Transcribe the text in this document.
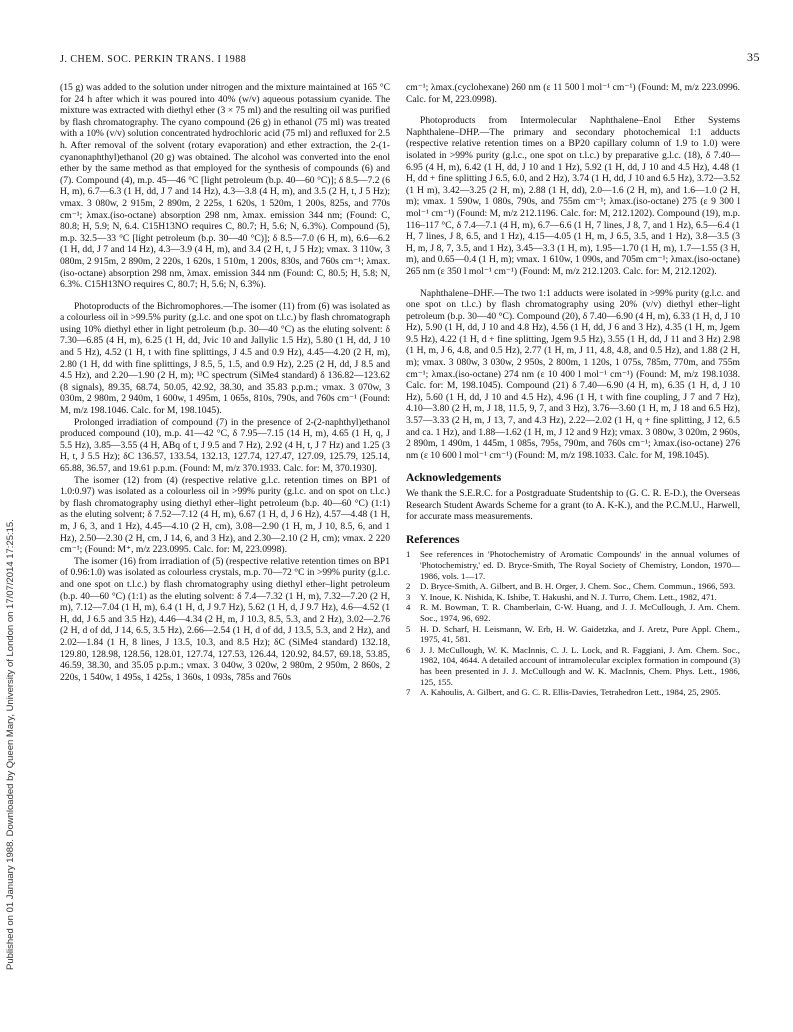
Published on 01 January 1988. Downloaded by Queen Mary, University of London on 17/07/2014 17:25:15.
J. CHEM. SOC. PERKIN TRANS. I 1988	35

(15 g) was added to the solution under nitrogen and the mixture maintained at 165 °C for 24 h after which it was poured into 40% (w/v) aqueous potassium cyanide. The mixture was extracted with diethyl ether (3 × 75 ml) and the resulting oil was purified by flash chromatography. The cyano compound (26 g) in ethanol (75 ml) was treated with a 10% (v/v) solution concentrated hydrochloric acid (75 ml) and refluxed for 2.5 h. After removal of the solvent (rotary evaporation) and ether extraction, the 2-(1-cyanonaphthyl)ethanol (20 g) was obtained. The alcohol was converted into the enol ether by the same method as that employed for the synthesis of compounds (6) and (7). Compound (4), m.p. 45—46 °C [light petroleum (b.p. 40—60 °C)]; δ 8.5—7.2 (6 H, m), 6.7—6.3 (1 H, dd, J 7 and 14 Hz), 4.3—3.8 (4 H, m), and 3.5 (2 H, t, J 5 Hz); νmax. 3 080w, 2 915m, 2 890m, 2 225s, 1 620s, 1 520m, 1 200s, 825s, and 770s cm⁻¹; λmax.(iso-octane) absorption 298 nm, λmax. emission 344 nm; (Found: C, 80.8; H, 5.9; N, 6.4. C15H13NO requires C, 80.7; H, 5.6; N, 6.3%). Compound (5), m.p. 32.5—33 °C [light petroleum (b.p. 30—40 °C)]; δ 8.5—7.0 (6 H, m), 6.6—6.2 (1 H, dd, J 7 and 14 Hz), 4.3—3.9 (4 H, m), and 3.4 (2 H, t, J 5 Hz); νmax. 3 110w, 3 080m, 2 915m, 2 890m, 2 220s, 1 620s, 1 510m, 1 200s, 830s, and 760s cm⁻¹; λmax.(iso-octane) absorption 298 nm, λmax. emission 344 nm (Found: C, 80.5; H, 5.8; N, 6.3%. C15H13NO requires C, 80.7; H, 5.6; N, 6.3%).

Photoproducts of the Bichromophores.—The isomer (11) from (6) was isolated as a colourless oil in >99.5% purity (g.l.c. and one spot on t.l.c.) by flash chromatograph using 10% diethyl ether in light petroleum (b.p. 30—40 °C) as the eluting solvent: δ 7.30—6.85 (4 H, m), 6.25 (1 H, dd, Jvic 10 and Jallylic 1.5 Hz), 5.80 (1 H, dd, J 10 and 5 Hz), 4.52 (1 H, t with fine splittings, J 4.5 and 0.9 Hz), 4.45—4.20 (2 H, m), 2.80 (1 H, dd with fine splittings, J 8.5, 5, 1.5, and 0.9 Hz), 2.25 (2 H, dd, J 8.5 and 4.5 Hz), and 2.20—1.90 (2 H, m); ¹³C spectrum (SiMe4 standard) δ 136.82—123.62 (8 signals), 89.35, 68.74, 50.05, 42.92, 38.30, and 35.83 p.p.m.; νmax. 3 070w, 3 030m, 2 980m, 2 940m, 1 600w, 1 495m, 1 065s, 810s, 790s, and 760s cm⁻¹ (Found: M, m/z 198.1046. Calc. for M, 198.1045).

Prolonged irradiation of compound (7) in the presence of 2-(2-naphthyl)ethanol produced compound (10), m.p. 41—42 °C, δ 7.95—7.15 (14 H, m), 4.65 (1 H, q, J 5.5 Hz), 3.85—3.55 (4 H, ABq of t, J 9.5 and 7 Hz), 2.92 (4 H, t, J 7 Hz) and 1.25 (3 H, t, J 5.5 Hz); δC 136.57, 133.54, 132.13, 127.74, 127.47, 127.09, 125.79, 125.14, 65.88, 36.57, and 19.61 p.p.m. (Found: M, m/z 370.1933. Calc. for: M, 370.1930].

The isomer (12) from (4) (respective relative g.l.c. retention times on BP1 of 1.0:0.97) was isolated as a colourless oil in >99% purity (g.l.c. and on spot on t.l.c.) by flash chromatography using diethyl ether–light petroleum (b.p. 40—60 °C) (1:1) as the eluting solvent; δ 7.52—7.12 (4 H, m), 6.67 (1 H, d, J 6 Hz), 4.57—4.48 (1 H, m, J 6, 3, and 1 Hz), 4.45—4.10 (2 H, cm), 3.08—2.90 (1 H, m, J 10, 8.5, 6, and 1 Hz), 2.50—2.30 (2 H, cm, J 14, 6, and 3 Hz), and 2.30—2.10 (2 H, cm); νmax. 2 220 cm⁻¹; (Found: M⁺, m/z 223.0995. Calc. for: M, 223.0998).

The isomer (16) from irradiation of (5) (respective relative retention times on BP1 of 0.96:1.0) was isolated as colourless crystals, m.p. 70—72 °C in >99% purity (g.l.c. and one spot on t.l.c.) by flash chromatography using diethyl ether–light petroleum (b.p. 40—60 °C) (1:1) as the eluting solvent: δ 7.4—7.32 (1 H, m), 7.32—7.20 (2 H, m), 7.12—7.04 (1 H, m), 6.4 (1 H, d, J 9.7 Hz), 5.62 (1 H, d, J 9.7 Hz), 4.6—4.52 (1 H, dd, J 6.5 and 3.5 Hz), 4.46—4.34 (2 H, m, J 10.3, 8.5, 5.3, and 2 Hz), 3.02—2.76 (2 H, d of dd, J 14, 6.5, 3.5 Hz), 2.66—2.54 (1 H, d of dd, J 13.5, 5.3, and 2 Hz), and 2.02—1.84 (1 H, 8 lines, J 13.5, 10.3, and 8.5 Hz); δC (SiMe4 standard) 132.18, 129.80, 128.98, 128.56, 128.01, 127.74, 127.53, 126.44, 120.92, 84.57, 69.18, 53.85, 46.59, 38.30, and 35.05 p.p.m.; νmax. 3 040w, 3 020w, 2 980m, 2 950m, 2 860s, 2 220s, 1 540w, 1 495s, 1 425s, 1 360s, 1 093s, 785s and 760s

cm⁻¹; λmax.(cyclohexane) 260 nm (ε 11 500 l mol⁻¹ cm⁻¹) (Found: M, m/z 223.0996. Calc. for M, 223.0998).

Photoproducts from Intermolecular Naphthalene–Enol Ether Systems Naphthalene–DHP.—The primary and secondary photochemical 1:1 adducts (respective relative retention times on a BP20 capillary column of 1.9 to 1.0) were isolated in >99% purity (g.l.c., one spot on t.l.c.) by preparative g.l.c. (18), δ 7.40—6.95 (4 H, m), 6.42 (1 H, dd, J 10 and 1 Hz), 5.92 (1 H, dd, J 10 and 4.5 Hz), 4.48 (1 H, dd + fine splitting J 6.5, 6.0, and 2 Hz), 3.74 (1 H, dd, J 10 and 6.5 Hz), 3.72—3.52 (1 H m), 3.42—3.25 (2 H, m), 2.88 (1 H, dd), 2.0—1.6 (2 H, m), and 1.6—1.0 (2 H, m); νmax. 1 590w, 1 080s, 790s, and 755m cm⁻¹; λmax.(iso-octane) 275 (ε 9 300 l mol⁻¹ cm⁻¹) (Found: M, m/z 212.1196. Calc. for: M, 212.1202). Compound (19), m.p. 116–117 °C, δ 7.4—7.1 (4 H, m), 6.7—6.6 (1 H, 7 lines, J 8, 7, and 1 Hz), 6.5—6.4 (1 H, 7 lines, J 8, 6.5, and 1 Hz), 4.15—4.05 (1 H, m, J 6.5, 3.5, and 1 Hz), 3.8—3.5 (3 H, m, J 8, 7, 3.5, and 1 Hz), 3.45—3.3 (1 H, m), 1.95—1.70 (1 H, m), 1.7—1.55 (3 H, m), and 0.65—0.4 (1 H, m); νmax. 1 610w, 1 090s, and 705m cm⁻¹; λmax.(iso-octane) 265 nm (ε 350 l mol⁻¹ cm⁻¹) (Found: M, m/z 212.1203. Calc. for: M, 212.1202).

Naphthalene–DHF.—The two 1:1 adducts were isolated in >99% purity (g.l.c. and one spot on t.l.c.) by flash chromatography using 20% (v/v) diethyl ether–light petroleum (b.p. 30—40 °C). Compound (20), δ 7.40—6.90 (4 H, m), 6.33 (1 H, d, J 10 Hz), 5.90 (1 H, dd, J 10 and 4.8 Hz), 4.56 (1 H, dd, J 6 and 3 Hz), 4.35 (1 H, m, Jgem 9.5 Hz), 4.22 (1 H, d + fine splitting, Jgem 9.5 Hz), 3.55 (1 H, dd, J 11 and 3 Hz) 2.98 (1 H, m, J 6, 4.8, and 0.5 Hz), 2.77 (1 H, m, J 11, 4.8, 4.8, and 0.5 Hz), and 1.88 (2 H, m); νmax. 3 080w, 3 030w, 2 950s, 2 800m, 1 120s, 1 075s, 785m, 770m, and 755m cm⁻¹; λmax.(iso-octane) 274 nm (ε 10 400 l mol⁻¹ cm⁻¹) (Found: M, m/z 198.1038. Calc. for: M, 198.1045). Compound (21) δ 7.40—6.90 (4 H, m), 6.35 (1 H, d, J 10 Hz), 5.60 (1 H, dd, J 10 and 4.5 Hz), 4.96 (1 H, t with fine coupling, J 7 and 7 Hz), 4.10—3.80 (2 H, m, J 18, 11.5, 9, 7, and 3 Hz), 3.76—3.60 (1 H, m, J 18 and 6.5 Hz), 3.57—3.33 (2 H, m, J 13, 7, and 4.3 Hz), 2.22—2.02 (1 H, q + fine splitting, J 12, 6.5 and ca. 1 Hz), and 1.88—1.62 (1 H, m, J 12 and 9 Hz); νmax. 3 080w, 3 020m, 2 960s, 2 890m, 1 490m, 1 445m, 1 085s, 795s, 790m, and 760s cm⁻¹; λmax.(iso-octane) 276 nm (ε 10 600 l mol⁻¹ cm⁻¹) (Found: M, m/z 198.1033. Calc. for M, 198.1045).

Acknowledgements

We thank the S.E.R.C. for a Postgraduate Studentship to (G. C. R. E-D.), the Overseas Research Student Awards Scheme for a grant (to A. K-K.), and the P.C.M.U., Harwell, for accurate mass measurements.

References
1 See references in 'Photochemistry of Aromatic Compounds' in the annual volumes of 'Photochemistry,' ed. D. Bryce-Smith, The Royal Society of Chemistry, London, 1970—1986, vols. 1—17.
2 D. Bryce-Smith, A. Gilbert, and B. H. Orger, J. Chem. Soc., Chem. Commun., 1966, 593.
3 Y. Inoue, K. Nishida, K. Ishibe, T. Hakushi, and N. J. Turro, Chem. Lett., 1982, 471.
4 R. M. Bowman, T. R. Chamberlain, C-W. Huang, and J. J. McCullough, J. Am. Chem. Soc., 1974, 96, 692.
5 H. D. Scharf, H. Leismann, W. Erb, H. W. Gaidetzka, and J. Aretz, Pure Appl. Chem., 1975, 41, 581.
6 J. J. McCullough, W. K. MacInnis, C. J. L. Lock, and R. Faggiani, J. Am. Chem. Soc., 1982, 104, 4644. A detailed account of intramolecular exciplex formation in compound (3) has been presented in J. J. McCullough and W. K. MacInnis, Chem. Phys. Lett., 1986, 125, 155.
7 A. Kahoulis, A. Gilbert, and G. C. R. Ellis-Davies, Tetrahedron Lett., 1984, 25, 2905.
